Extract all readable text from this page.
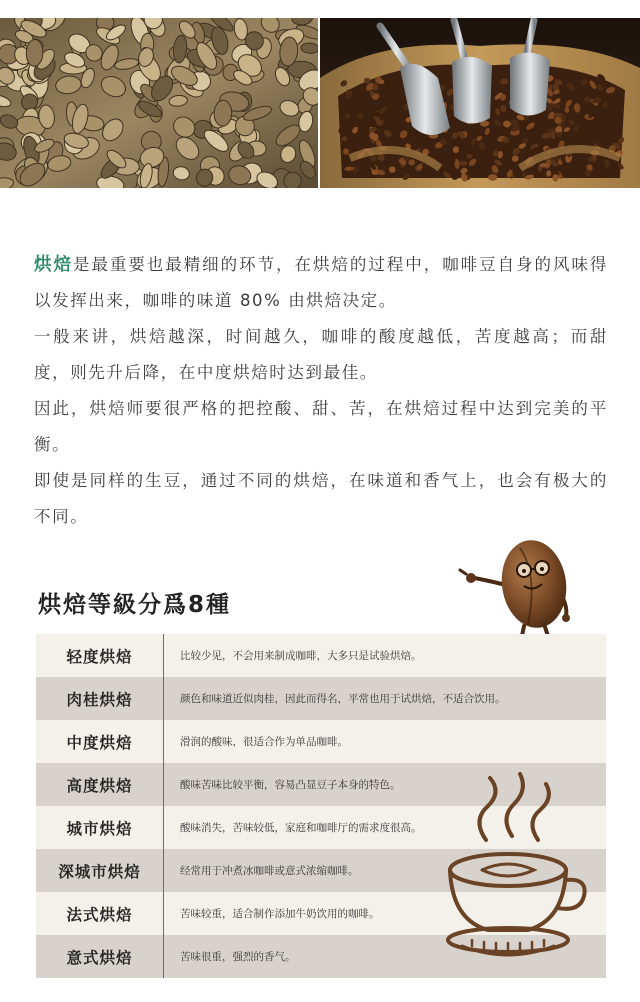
烘焙是最重要也最精细的环节，在烘焙的过程中，咖啡豆自身的风味得以发挥出来，咖啡的味道 80% 由烘焙决定。

一般来讲，烘焙越深，时间越久，咖啡的酸度越低，苦度越高；而甜度，则先升后降，在中度烘焙时达到最佳。

因此，烘焙师要很严格的把控酸、甜、苦，在烘焙过程中达到完美的平衡。

即使是同样的生豆，通过不同的烘焙，在味道和香气上，也会有极大的不同。

烘焙等級分爲8種
轻度烘焙	比较少见，不会用来制成咖啡，大多只是试验烘焙。
肉桂烘焙	颜色和味道近似肉桂，因此而得名，平常也用于试烘焙，不适合饮用。
中度烘焙	滑润的酸味，很适合作为单品咖啡。
高度烘焙	酸味苦味比较平衡，容易凸显豆子本身的特色。
城市烘焙	酸味消失，苦味较低，家庭和咖啡厅的需求度很高。
深城市烘焙	经常用于冲煮冰咖啡或意式浓缩咖啡。
法式烘焙	苦味较重，适合制作添加牛奶饮用的咖啡。
意式烘焙	苦味很重，强烈的香气。
